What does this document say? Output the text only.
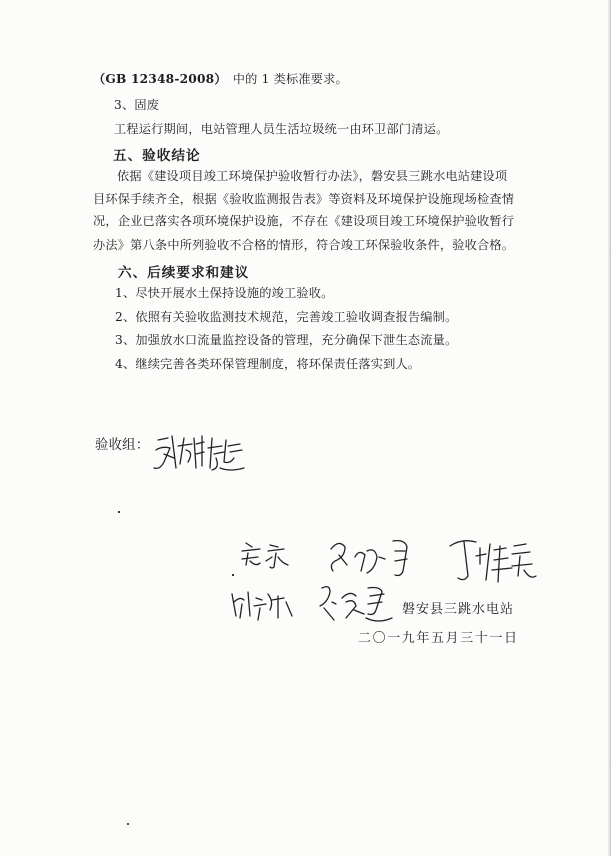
（GB 12348-2008） 中的 1 类标准要求。
3、固废
工程运行期间，电站管理人员生活垃圾统一由环卫部门清运。
五、验收结论
依据《建设项目竣工环境保护验收暂行办法》，磐安县三跳水电站建设项
目环保手续齐全，根据《验收监测报告表》等资料及环境保护设施现场检查情
况，企业已落实各项环境保护设施，不存在《建设项目竣工环境保护验收暂行
办法》第八条中所列验收不合格的情形，符合竣工环保验收条件，验收合格。
六、后续要求和建议
1、尽快开展水土保持设施的竣工验收。
2、依照有关验收监测技术规范，完善竣工验收调查报告编制。
3、加强放水口流量监控设备的管理，充分确保下泄生态流量。
4、继续完善各类环保管理制度，将环保责任落实到人。
验收组：
磐安县三跳水电站
二〇一九年五月三十一日
